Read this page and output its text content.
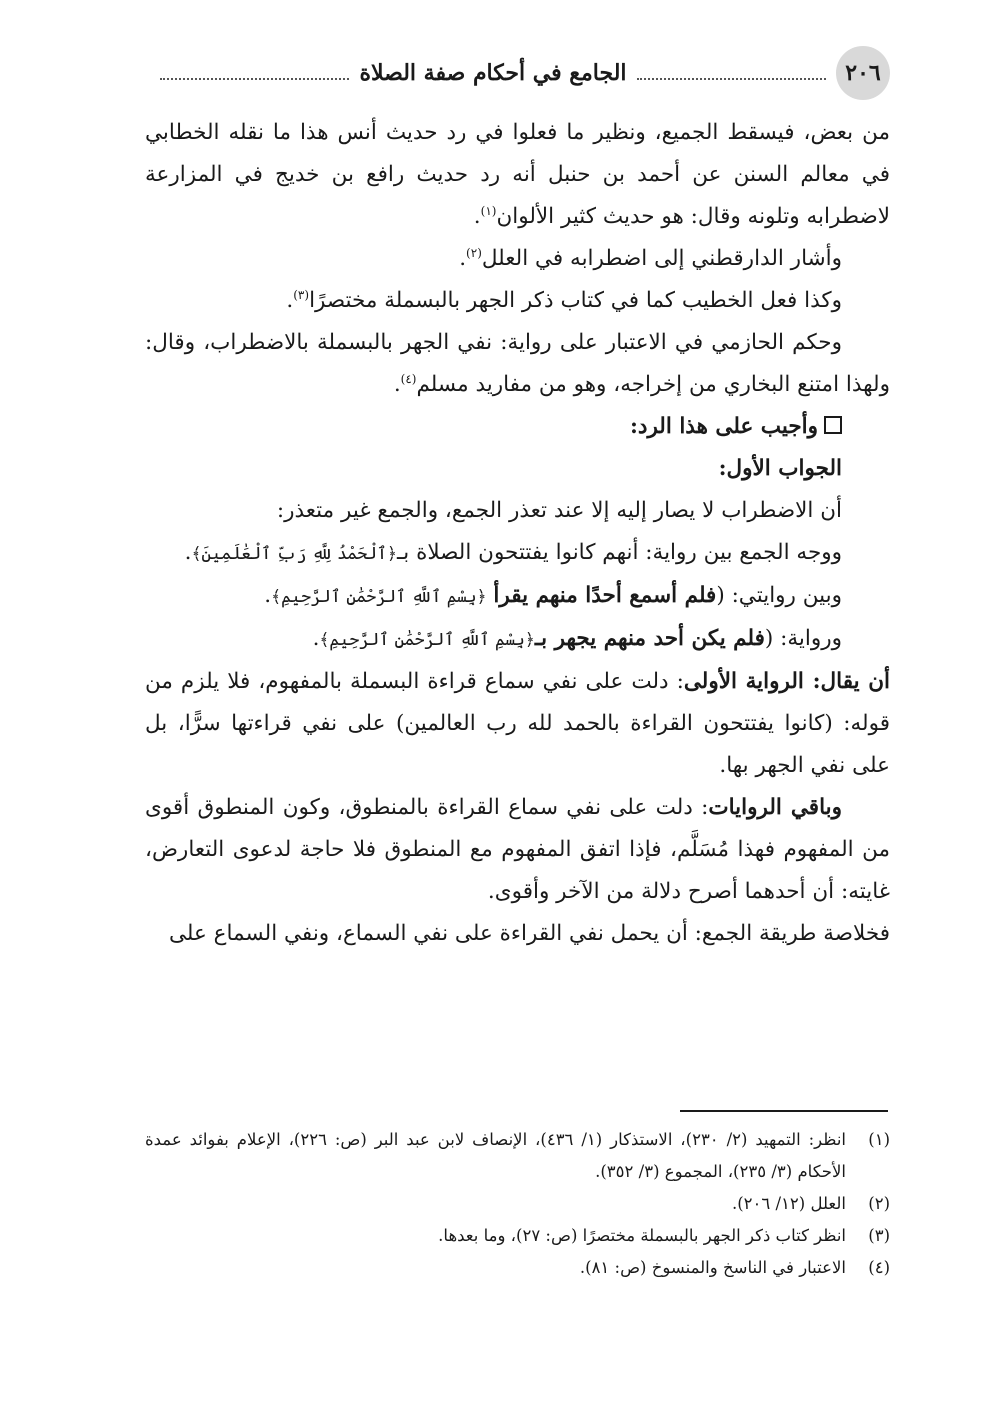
٢٠٦
الجامع في أحكام صفة الصلاة

من بعض، فيسقط الجميع، ونظير ما فعلوا في رد حديث أنس هذا ما نقله الخطابي في معالم السنن عن أحمد بن حنبل أنه رد حديث رافع بن خديج في المزارعة لاضطرابه وتلونه وقال: هو حديث كثير الألوان$^{(١)}$.

وأشار الدارقطني إلى اضطرابه في العلل$^{(٢)}$.

وكذا فعل الخطيب كما في كتاب ذكر الجهر بالبسملة مختصرًا$^{(٣)}$.

وحكم الحازمي في الاعتبار على رواية: نفي الجهر بالبسملة بالاضطراب، وقال: ولهذا امتنع البخاري من إخراجه، وهو من مفاريد مسلم$^{(٤)}$.

وأجيب على هذا الرد:

الجواب الأول:

أن الاضطراب لا يصار إليه إلا عند تعذر الجمع، والجمع غير متعذر:

ووجه الجمع بين رواية: أنهم كانوا يفتتحون الصلاة بـ﴿ٱلْحَمْدُ لِلَّهِ رَبِّ ٱلْعَٰلَمِينَ﴾.

وبين روايتي: (فلم أسمع أحدًا منهم يقرأ ﴿بِسْمِ ٱللَّهِ ٱلرَّحْمَٰنِ ٱلرَّحِيمِ﴾.

ورواية: (فلم يكن أحد منهم يجهر بـ﴿بِسْمِ ٱللَّهِ ٱلرَّحْمَٰنِ ٱلرَّحِيمِ﴾.

أن يقال: الرواية الأولى: دلت على نفي سماع قراءة البسملة بالمفهوم، فلا يلزم من قوله: (كانوا يفتتحون القراءة بالحمد لله رب العالمين) على نفي قراءتها سرًّا، بل على نفي الجهر بها.

وباقي الروايات: دلت على نفي سماع القراءة بالمنطوق، وكون المنطوق أقوى من المفهوم فهذا مُسَلَّم، فإذا اتفق المفهوم مع المنطوق فلا حاجة لدعوى التعارض، غايته: أن أحدهما أصرح دلالة من الآخر وأقوى.

فخلاصة طريقة الجمع: أن يحمل نفي القراءة على نفي السماع، ونفي السماع على

(١)
انظر: التمهيد (٢/ ٢٣٠)، الاستذكار (١/ ٤٣٦)، الإنصاف لابن عبد البر (ص: ٢٢٦)، الإعلام بفوائد عمدة الأحكام (٣/ ٢٣٥)، المجموع (٣/ ٣٥٢).
(٢)
العلل (١٢/ ٢٠٦).
(٣)
انظر كتاب ذكر الجهر بالبسملة مختصرًا (ص: ٢٧)، وما بعدها.
(٤)
الاعتبار في الناسخ والمنسوخ (ص: ٨١).
